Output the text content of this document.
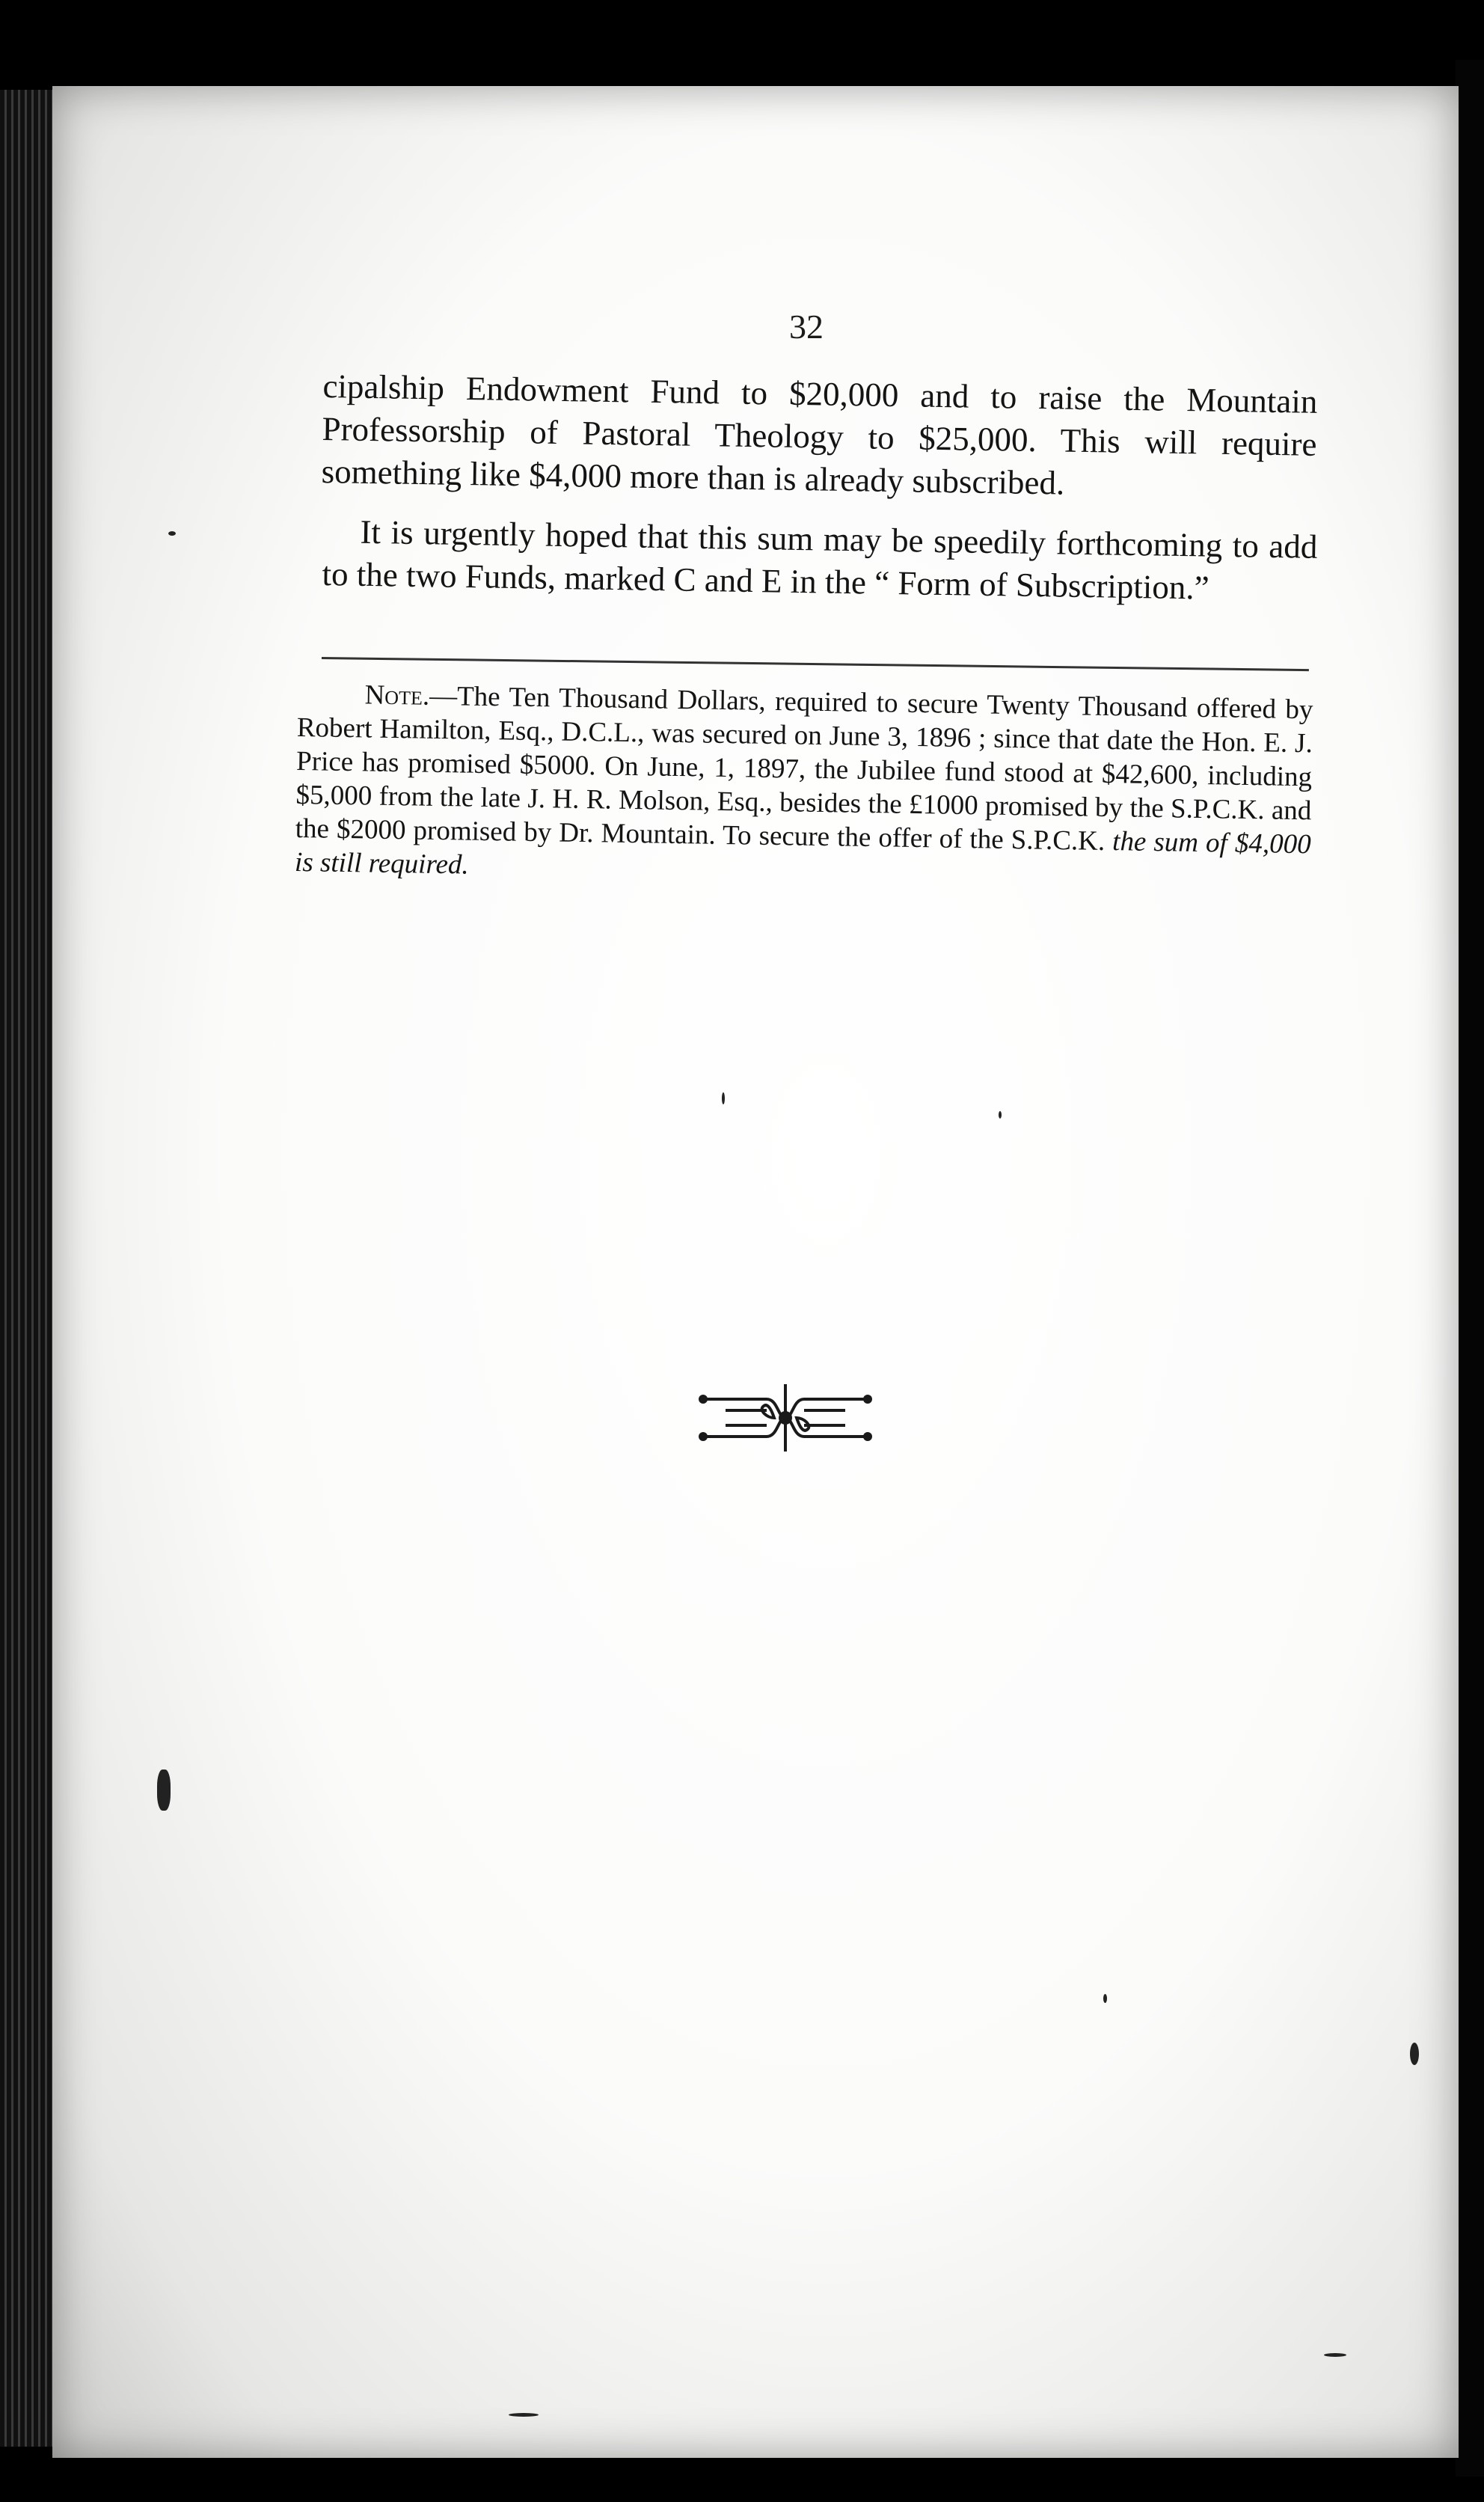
32

cipalship Endowment Fund to $20,000 and to raise the Mountain Professorship of Pastoral Theology to $25,000. This will require something like $4,000 more than is already subscribed.

It is urgently hoped that this sum may be speedily forthcoming to add to the two Funds, marked C and E in the “ Form of Subscription.”

Note.—The Ten Thousand Dollars, required to secure Twenty Thousand offered by Robert Hamilton, Esq., D.C.L., was secured on June 3, 1896 ; since that date the Hon. E. J. Price has promised $5000. On June, 1, 1897, the Jubilee fund stood at $42,600, including $5,000 from the late J. H. R. Molson, Esq., besides the £1000 promised by the S.P.C.K. and the $2000 promised by Dr. Mountain. To secure the offer of the S.P.C.K. the sum of $4,000 is still required.
